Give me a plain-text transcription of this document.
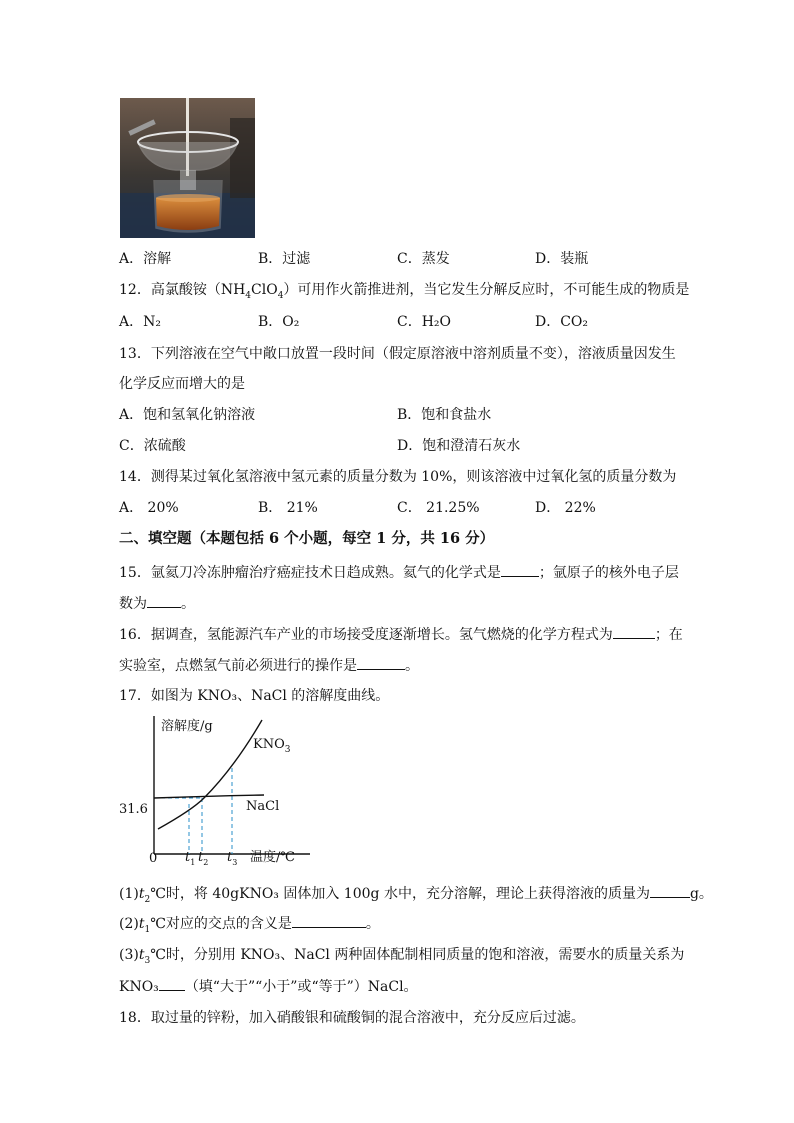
A．溶解	B．过滤	C．蒸发	D．装瓶
12．高氯酸铵$(NH_4ClO_4)$可用作火箭推进剂，当它发生分解反应时，不可能生成的物质是
A．N₂	B．O₂	C．H₂O	D．CO₂
13．下列溶液在空气中敞口放置一段时间（假定原溶液中溶剂质量不变），溶液质量因发生
化学反应而增大的是
A．饱和氢氧化钠溶液	B．饱和食盐水
C．浓硫酸	D．饱和澄清石灰水
14．测得某过氧化氢溶液中氢元素的质量分数为 10%，则该溶液中过氧化氢的质量分数为
A． 20%	B． 21%	C． 21.25%	D． 22%
二、填空题（本题包括 6 个小题，每空 1 分，共 16 分）
15．氩氦刀冷冻肿瘤治疗癌症技术日趋成熟。氦气的化学式是	；氩原子的核外电子层
数为 。
16．据调查，氢能源汽车产业的市场接受度逐渐增长。氢气燃烧的化学方程式为	；在
实验室，点燃氢气前必须进行的操作是	。
17．如图为 KNO₃、NaCl 的溶解度曲线。
溶解度/g
$KNO_3$
NaCl
31.6
0 $t_1$ $t_2$ $t_3$ 温度/℃
$(1)t_2℃$时，将 40gKNO₃ 固体加入 100g 水中，充分溶解，理论上获得溶液的质量为	g。
$(2)t_1℃$对应的交点的含义是	。
$(3)t_3℃$时，分别用 KNO₃、NaCl 两种固体配制相同质量的饱和溶液，需要水的质量关系为
KNO₃ （填“大于”“小于”或“等于”）NaCl。
18．取过量的锌粉，加入硝酸银和硫酸铜的混合溶液中，充分反应后过滤。
